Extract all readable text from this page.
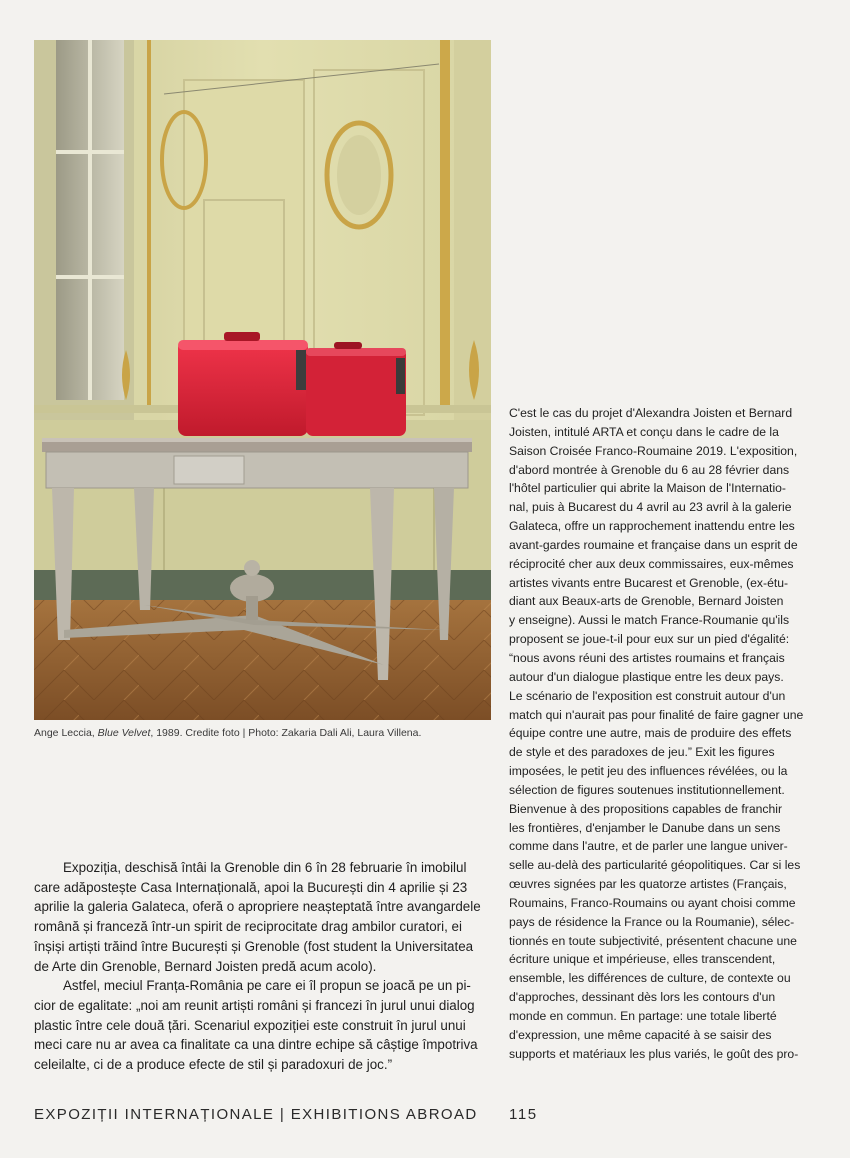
Ange Leccia, Blue Velvet, 1989. Credite foto | Photo: Zakaria Dali Ali, Laura Villena.

C'est le cas du projet d'Alexandra Joisten et Bernard
Joisten, intitulé ARTA et conçu dans le cadre de la
Saison Croisée Franco-Roumaine 2019. L'exposition,
d'abord montrée à Grenoble du 6 au 28 février dans
l'hôtel particulier qui abrite la Maison de l'Internatio-
nal, puis à Bucarest du 4 avril au 23 avril à la galerie
Galateca, offre un rapprochement inattendu entre les
avant-gardes roumaine et française dans un esprit de
réciprocité cher aux deux commissaires, eux-mêmes
artistes vivants entre Bucarest et Grenoble, (ex-étu-
diant aux Beaux-arts de Grenoble, Bernard Joisten
y enseigne). Aussi le match France-Roumanie qu'ils
proposent se joue-t-il pour eux sur un pied d'égalité:
“nous avons réuni des artistes roumains et français
autour d'un dialogue plastique entre les deux pays.
Le scénario de l'exposition est construit autour d'un
match qui n'aurait pas pour finalité de faire gagner une
équipe contre une autre, mais de produire des effets
de style et des paradoxes de jeu.” Exit les figures
imposées, le petit jeu des influences révélées, ou la
sélection de figures soutenues institutionnellement.
Bienvenue à des propositions capables de franchir
les frontières, d'enjamber le Danube dans un sens
comme dans l'autre, et de parler une langue univer-
selle au-delà des particularité géopolitiques. Car si les
œuvres signées par les quatorze artistes (Français,
Roumains, Franco-Roumains ou ayant choisi comme
pays de résidence la France ou la Roumanie), sélec-
tionnés en toute subjectivité, présentent chacune une
écriture unique et impérieuse, elles transcendent,
ensemble, les différences de culture, de contexte ou
d'approches, dessinant dès lors les contours d'un
monde en commun. En partage: une totale liberté
d'expression, une même capacité à se saisir des
supports et matériaux les plus variés, le goût des pro-

Expoziția, deschisă întâi la Grenoble din 6 în 28 februarie în imobilul
care adăpostește Casa Internațională, apoi la București din 4 aprilie și 23
aprilie la galeria Galateca, oferă o apropriere neașteptată între avangardele
română și franceză într-un spirit de reciprocitate drag ambilor curatori, ei
înșiși artiști trăind între București și Grenoble (fost student la Universitatea
de Arte din Grenoble, Bernard Joisten predă acum acolo).

Astfel, meciul Franța-România pe care ei îl propun se joacă pe un pi-
cior de egalitate: „noi am reunit artiști români și francezi în jurul unui dialog
plastic între cele două țări. Scenariul expoziției este construit în jurul unui
meci care nu ar avea ca finalitate ca una dintre echipe să câștige împotriva
celeilalte, ci de a produce efecte de stil și paradoxuri de joc.”

EXPOZIȚII INTERNAȚIONALE | EXHIBITIONS ABROAD 115
